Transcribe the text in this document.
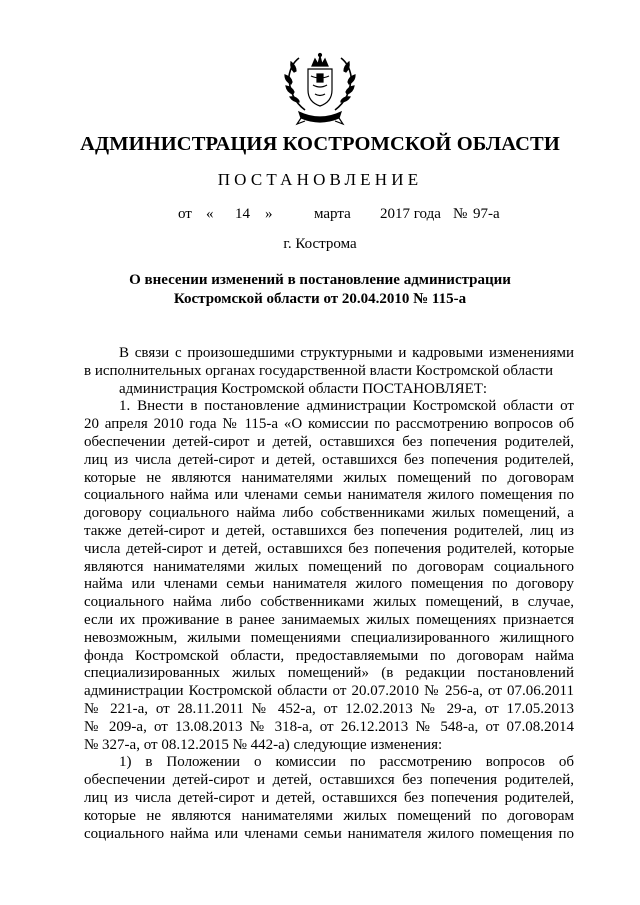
АДМИНИСТРАЦИЯ КОСТРОМСКОЙ ОБЛАСТИ
ПОСТАНОВЛЕНИЕ
от « 14 »	марта 2017 года № 97-а
г. Кострома
О внесении изменений в постановление администрации
Костромской области от 20.04.2010 № 115-а
В связи с произошедшими структурными и кадровыми изменениями
в исполнительных органах государственной власти Костромской области
администрация Костромской области ПОСТАНОВЛЯЕТ:
1. Внести в постановление администрации Костромской области от
20 апреля 2010 года № 115-а «О комиссии по рассмотрению вопросов об
обеспечении детей-сирот и детей, оставшихся без попечения родителей,
лиц из числа детей-сирот и детей, оставшихся без попечения родителей,
которые не являются нанимателями жилых помещений по договорам
социального найма или членами семьи нанимателя жилого помещения по
договору социального найма либо собственниками жилых помещений, а
также детей-сирот и детей, оставшихся без попечения родителей, лиц из
числа детей-сирот и детей, оставшихся без попечения родителей, которые
являются нанимателями жилых помещений по договорам социального
найма или членами семьи нанимателя жилого помещения по договору
социального найма либо собственниками жилых помещений, в случае,
если их проживание в ранее занимаемых жилых помещениях признается
невозможным, жилыми помещениями специализированного жилищного
фонда Костромской области, предоставляемыми по договорам найма
специализированных жилых помещений» (в редакции постановлений
администрации Костромской области от 20.07.2010 № 256-а, от 07.06.2011
№ 221-а, от 28.11.2011 № 452-а, от 12.02.2013 № 29-а, от 17.05.2013
№ 209-а, от 13.08.2013 № 318-а, от 26.12.2013 № 548-а, от 07.08.2014
№ 327-а, от 08.12.2015 № 442-а) следующие изменения:
1) в Положении о комиссии по рассмотрению вопросов об
обеспечении детей-сирот и детей, оставшихся без попечения родителей,
лиц из числа детей-сирот и детей, оставшихся без попечения родителей,
которые не являются нанимателями жилых помещений по договорам
социального найма или членами семьи нанимателя жилого помещения по
